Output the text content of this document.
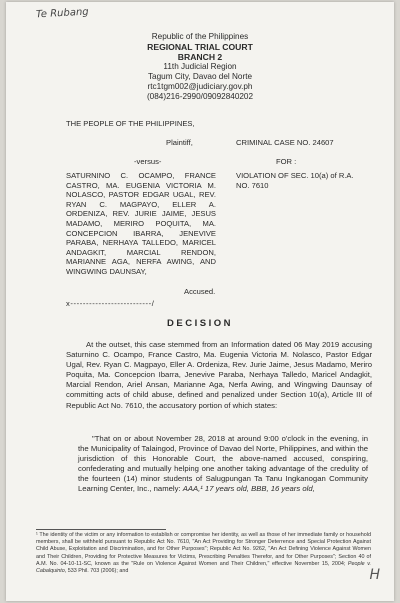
Te Rubang
Republic of the Philippines
REGIONAL TRIAL COURT
BRANCH 2
11th Judicial Region
Tagum City, Davao del Norte
rtc1tgm002@judiciary.gov.ph
(084)216-2990/09092840202
THE PEOPLE OF THE PHILIPPINES,
Plaintiff,	CRIMINAL CASE NO. 24607
-versus-	FOR :
SATURNINO C. OCAMPO, FRANCE CASTRO, MA. EUGENIA VICTORIA M. NOLASCO, PASTOR EDGAR UGAL, REV. RYAN C. MAGPAYO, ELLER A. ORDENIZA, REV. JURIE JAIME, JESUS MADAMO, MERIRO POQUITA, MA. CONCEPCION IBARRA, JENEVIVE PARABA, NERHAYA TALLEDO, MARICEL ANDAGKIT, MARCIAL RENDON, MARIANNE AGA, NERFA AWING, AND WINGWING DAUNSAY,
VIOLATION OF SEC. 10(a) of R.A. NO. 7610
Accused.
x--------------------------/
DECISION

At the outset, this case stemmed from an Information dated 06 May 2019 accusing Saturnino C. Ocampo, France Castro, Ma. Eugenia Victoria M. Nolasco, Pastor Edgar Ugal, Rev. Ryan C. Magpayo, Eller A. Ordeniza, Rev. Jurie Jaime, Jesus Madamo, Meriro Poquita, Ma. Concepcion Ibarra, Jenevive Paraba, Nerhaya Talledo, Maricel Andagkit, Marcial Rendon, Ariel Ansan, Marianne Aga, Nerfa Awing, and Wingwing Daunsay of committing acts of child abuse, defined and penalized under Section 10(a), Article III of Republic Act No. 7610, the accusatory portion of which states:

"That on or about November 28, 2018 at around 9:00 o'clock in the evening, in the Municipality of Talaingod, Province of Davao del Norte, Philippines, and within the jurisdiction of this Honorable Court, the above-named accused, conspiring, confederating and mutually helping one another taking advantage of the credulity of the fourteen (14) minor students of Salugpungan Ta Tanu Ingkanogan Community Learning Center, Inc., namely: AAA,¹ 17 years old, BBB, 16 years old,

¹ The identity of the victim or any information to establish or compromise her identity, as well as those of her immediate family or household members, shall be withheld pursuant to Republic Act No. 7610, "An Act Providing for Stronger Deterrence and Special Protection Against Child Abuse, Exploitation and Discrimination, and for Other Purposes"; Republic Act No. 9262, "An Act Defining Violence Against Women and Their Children, Providing for Protective Measures for Victims, Prescribing Penalties Therefor, and for Other Purposes"; Section 40 of A.M. No. 04-10-11-SC, known as the "Rule on Violence Against Women and Their Children," effective November 15, 2004; People v. Cabalquinto, 533 Phil. 703 (2006); and	H
